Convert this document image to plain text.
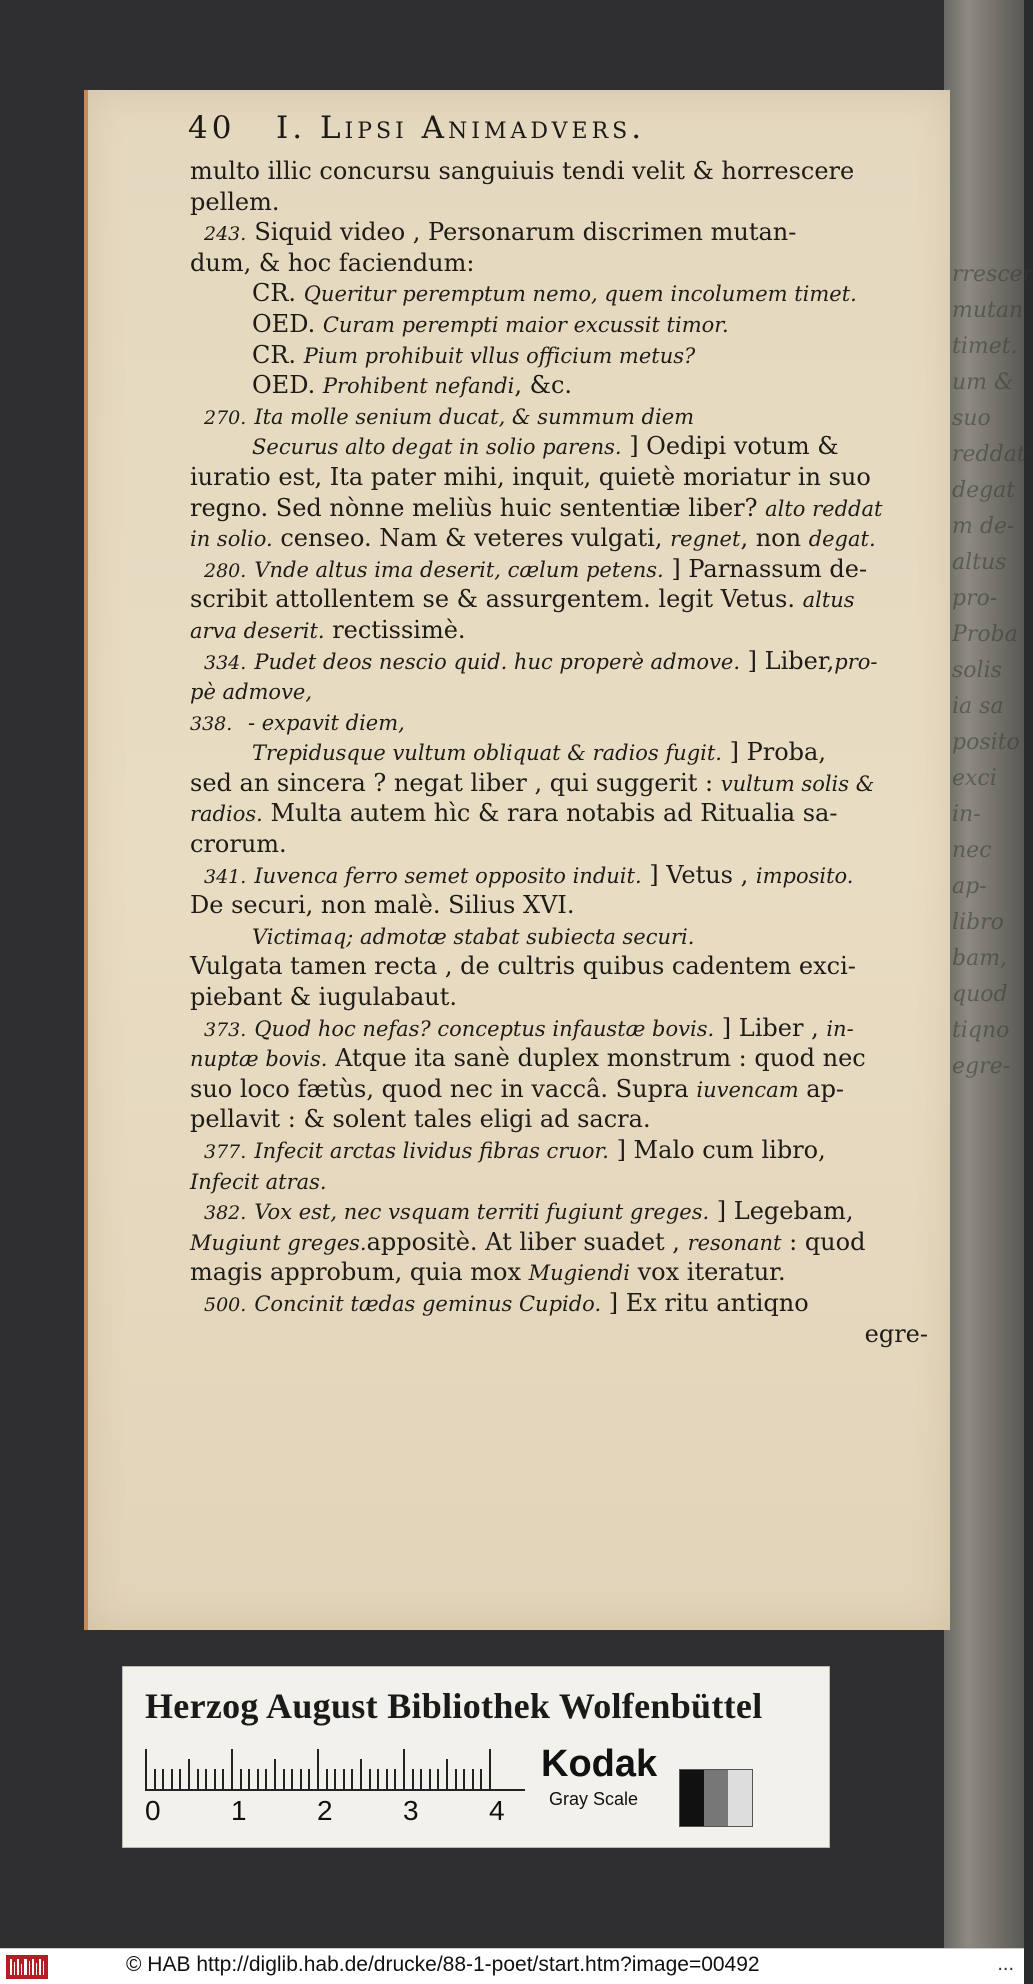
rrescer
mutan
timet.
um &
suo
reddat
degat
m de-
altus
pro-
Proba
solis
ia sa
posito
exci
in-
nec
ap-
libro
bam,
quod
tiqno
egre-
40 I. Lipsi Animadvers.
multo illic concursu sanguiuis tendi velit & horrescere
pellem.
243. Siquid video , Personarum discrimen mutan-
dum, & hoc faciendum:
CR. Queritur peremptum nemo, quem incolumem timet.
OED. Curam perempti maior excussit timor.
CR. Pium prohibuit vllus officium metus?
OED. Prohibent nefandi, &c.
270. Ita molle senium ducat, & summum diem
Securus alto degat in solio parens. ] Oedipi votum &
iuratio est, Ita pater mihi, inquit, quietè moriatur in suo
regno. Sed nònne meliùs huic sententiæ liber? alto reddat
in solio. censeo. Nam & veteres vulgati, regnet, non degat.
280. Vnde altus ima deserit, cælum petens. ] Parnassum de-
scribit attollentem se & assurgentem. legit Vetus. altus
arva deserit. rectissimè.
334. Pudet deos nescio quid. huc properè admove. ] Liber,pro-
pè admove,
338. - expavit diem,
Trepidusque vultum obliquat & radios fugit. ] Proba,
sed an sincera ? negat liber , qui suggerit : vultum solis &
radios. Multa autem hìc & rara notabis ad Ritualia sa-
crorum.
341. Iuvenca ferro semet opposito induit. ] Vetus , imposito.
De securi, non malè. Silius XVI.
Victimaq; admotæ stabat subiecta securi.
Vulgata tamen recta , de cultris quibus cadentem exci-
piebant & iugulabaut.
373. Quod hoc nefas? conceptus infaustæ bovis. ] Liber , in-
nuptæ bovis. Atque ita sanè duplex monstrum : quod nec
suo loco fætùs, quod nec in vaccâ. Supra iuvencam ap-
pellavit : & solent tales eligi ad sacra.
377. Infecit arctas lividus fibras cruor. ] Malo cum libro,
Infecit atras.
382. Vox est, nec vsquam territi fugiunt greges. ] Legebam,
Mugiunt greges.appositè. At liber suadet , resonant : quod
magis approbum, quia mox Mugiendi vox iteratur.
500. Concinit tædas geminus Cupido. ] Ex ritu antiqno
egre-
Herzog August Bibliothek Wolfenbüttel
0	1	2	3	4
Kodak
Gray Scale
© HAB http://diglib.hab.de/drucke/88-1-poet/start.htm?image=00492	...
